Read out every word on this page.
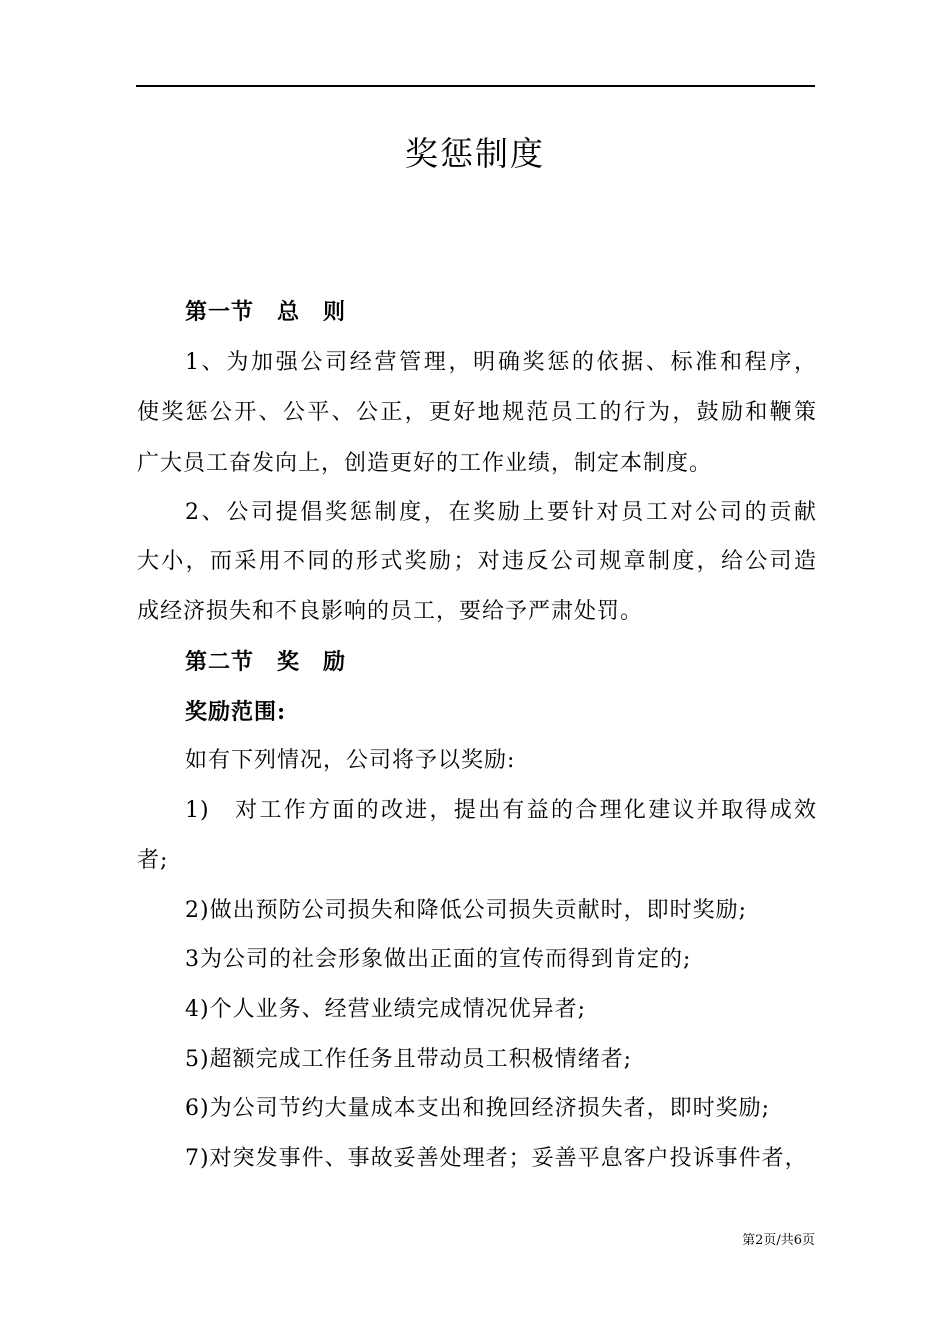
奖惩制度
第一节　总　则
1、为加强公司经营管理，明确奖惩的依据、标准和程序，
使奖惩公开、公平、公正，更好地规范员工的行为，鼓励和鞭策
广大员工奋发向上，创造更好的工作业绩，制定本制度。
2、公司提倡奖惩制度，在奖励上要针对员工对公司的贡献
大小，而采用不同的形式奖励；对违反公司规章制度，给公司造
成经济损失和不良影响的员工，要给予严肃处罚。
第二节　奖　励
奖励范围:
如有下列情况，公司将予以奖励:
1)　对工作方面的改进，提出有益的合理化建议并取得成效
者;
2)做出预防公司损失和降低公司损失贡献时，即时奖励;
3为公司的社会形象做出正面的宣传而得到肯定的;
4)个人业务、经营业绩完成情况优异者;
5)超额完成工作任务且带动员工积极情绪者;
6)为公司节约大量成本支出和挽回经济损失者，即时奖励;
7)对突发事件、事故妥善处理者；妥善平息客户投诉事件者，
第2页/共6页
